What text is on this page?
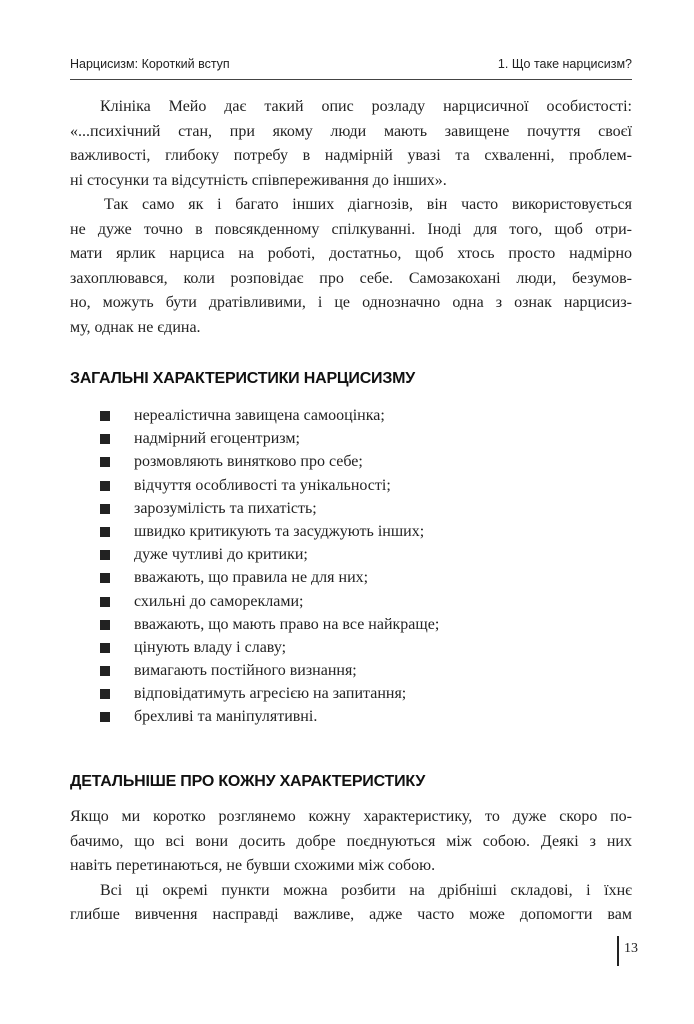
Нарцисизм: Короткий вступ	1. Що таке нарцисизм?

Клініка Мейо дає такий опис розладу нарцисичної особистості:

«...психічний стан, при якому люди мають завищене почуття своєї

важливості, глибоку потребу в надмірній увазі та схваленні, проблем-

ні стосунки та відсутність співпереживання до інших».

Так само як і багато інших діагнозів, він часто використовується

не дуже точно в повсякденному спілкуванні. Іноді для того, щоб отри-

мати ярлик нарциса на роботі, достатньо, щоб хтось просто надмірно

захоплювався, коли розповідає про себе. Самозакохані люди, безумов-

но, можуть бути дратівливими, і це однозначно одна з ознак нарцисиз-

му, однак не єдина.

ЗАГАЛЬНІ ХАРАКТЕРИСТИКИ НАРЦИСИЗМУ
нереалістична завищена самооцінка;
надмірний егоцентризм;
розмовляють винятково про себе;
відчуття особливості та унікальності;
зарозумілість та пихатість;
швидко критикують та засуджують інших;
дуже чутливі до критики;
вважають, що правила не для них;
схильні до самореклами;
вважають, що мають право на все найкраще;
цінують владу і славу;
вимагають постійного визнання;
відповідатимуть агресією на запитання;
брехливі та маніпулятивні.
ДЕТАЛЬНІШЕ ПРО КОЖНУ ХАРАКТЕРИСТИКУ

Якщо ми коротко розглянемо кожну характеристику, то дуже скоро по-

бачимо, що всі вони досить добре поєднуються між собою. Деякі з них

навіть перетинаються, не бувши схожими між собою.

Всі ці окремі пункти можна розбити на дрібніші складові, і їхнє

глибше вивчення насправді важливе, адже часто може допомогти вам

13
